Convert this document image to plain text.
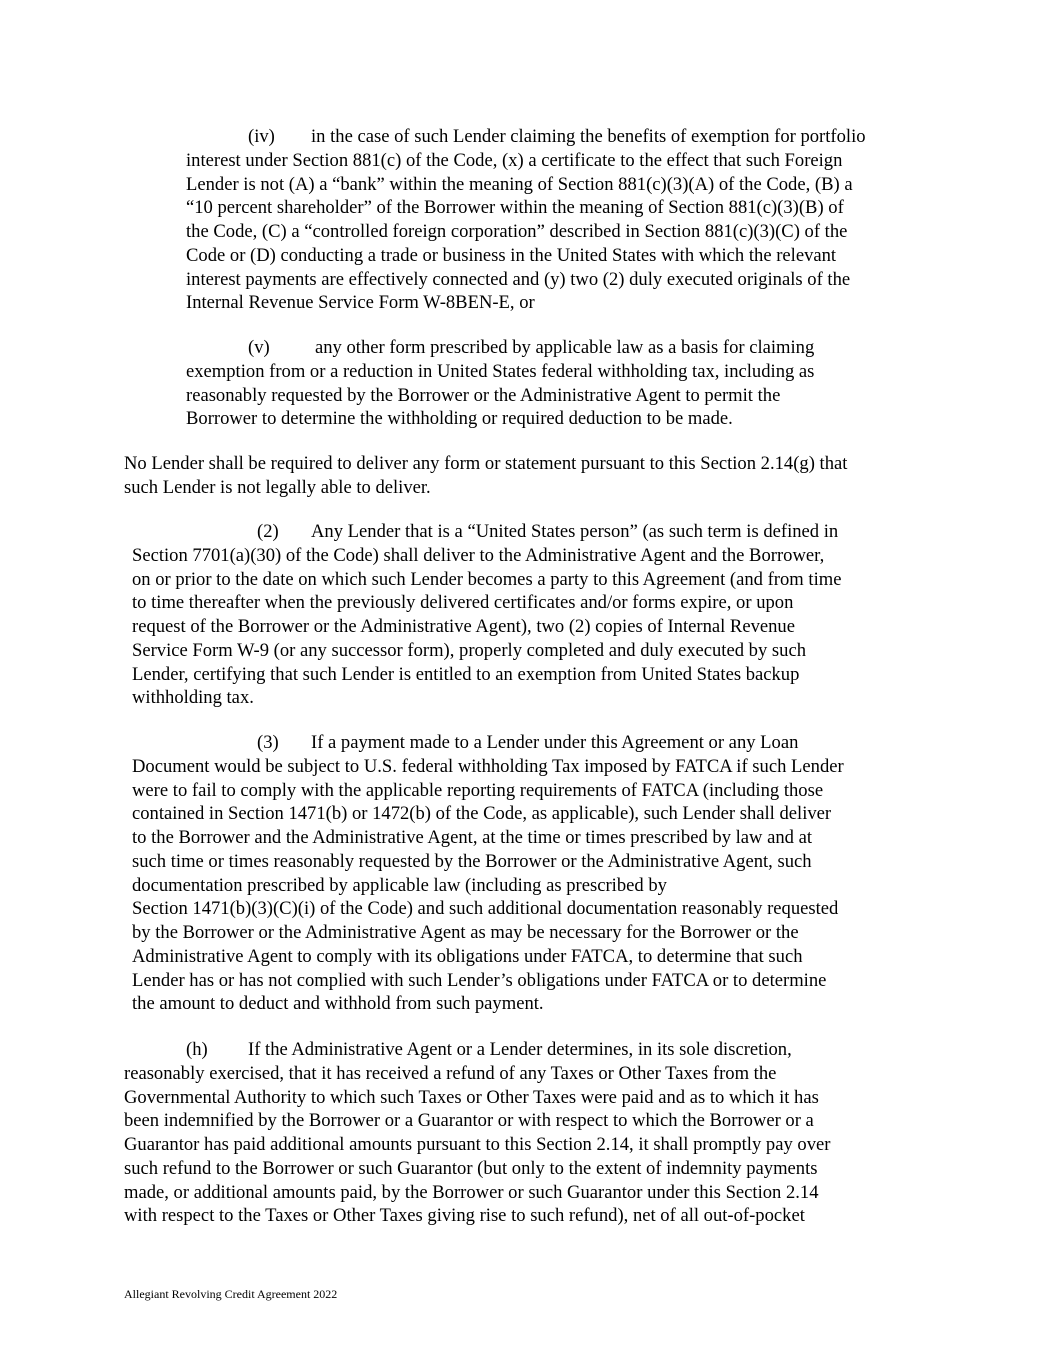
(iv) in the case of such Lender claiming the benefits of exemption for portfolio
interest under Section 881(c) of the Code, (x) a certificate to the effect that such Foreign
Lender is not (A) a “bank” within the meaning of Section 881(c)(3)(A) of the Code, (B) a
“10 percent shareholder” of the Borrower within the meaning of Section 881(c)(3)(B) of
the Code, (C) a “controlled foreign corporation” described in Section 881(c)(3)(C) of the
Code or (D) conducting a trade or business in the United States with which the relevant
interest payments are effectively connected and (y) two (2) duly executed originals of the
Internal Revenue Service Form W-8BEN-E, or
(v) any other form prescribed by applicable law as a basis for claiming
exemption from or a reduction in United States federal withholding tax, including as
reasonably requested by the Borrower or the Administrative Agent to permit the
Borrower to determine the withholding or required deduction to be made.
No Lender shall be required to deliver any form or statement pursuant to this Section 2.14(g) that
such Lender is not legally able to deliver.
(2) Any Lender that is a “United States person” (as such term is defined in
Section 7701(a)(30) of the Code) shall deliver to the Administrative Agent and the Borrower,
on or prior to the date on which such Lender becomes a party to this Agreement (and from time
to time thereafter when the previously delivered certificates and/or forms expire, or upon
request of the Borrower or the Administrative Agent), two (2) copies of Internal Revenue
Service Form W-9 (or any successor form), properly completed and duly executed by such
Lender, certifying that such Lender is entitled to an exemption from United States backup
withholding tax.
(3) If a payment made to a Lender under this Agreement or any Loan
Document would be subject to U.S. federal withholding Tax imposed by FATCA if such Lender
were to fail to comply with the applicable reporting requirements of FATCA (including those
contained in Section 1471(b) or 1472(b) of the Code, as applicable), such Lender shall deliver
to the Borrower and the Administrative Agent, at the time or times prescribed by law and at
such time or times reasonably requested by the Borrower or the Administrative Agent, such
documentation prescribed by applicable law (including as prescribed by
Section 1471(b)(3)(C)(i) of the Code) and such additional documentation reasonably requested
by the Borrower or the Administrative Agent as may be necessary for the Borrower or the
Administrative Agent to comply with its obligations under FATCA, to determine that such
Lender has or has not complied with such Lender’s obligations under FATCA or to determine
the amount to deduct and withhold from such payment.
(h) If the Administrative Agent or a Lender determines, in its sole discretion,
reasonably exercised, that it has received a refund of any Taxes or Other Taxes from the
Governmental Authority to which such Taxes or Other Taxes were paid and as to which it has
been indemnified by the Borrower or a Guarantor or with respect to which the Borrower or a
Guarantor has paid additional amounts pursuant to this Section 2.14, it shall promptly pay over
such refund to the Borrower or such Guarantor (but only to the extent of indemnity payments
made, or additional amounts paid, by the Borrower or such Guarantor under this Section 2.14
with respect to the Taxes or Other Taxes giving rise to such refund), net of all out-of-pocket
Allegiant Revolving Credit Agreement 2022
